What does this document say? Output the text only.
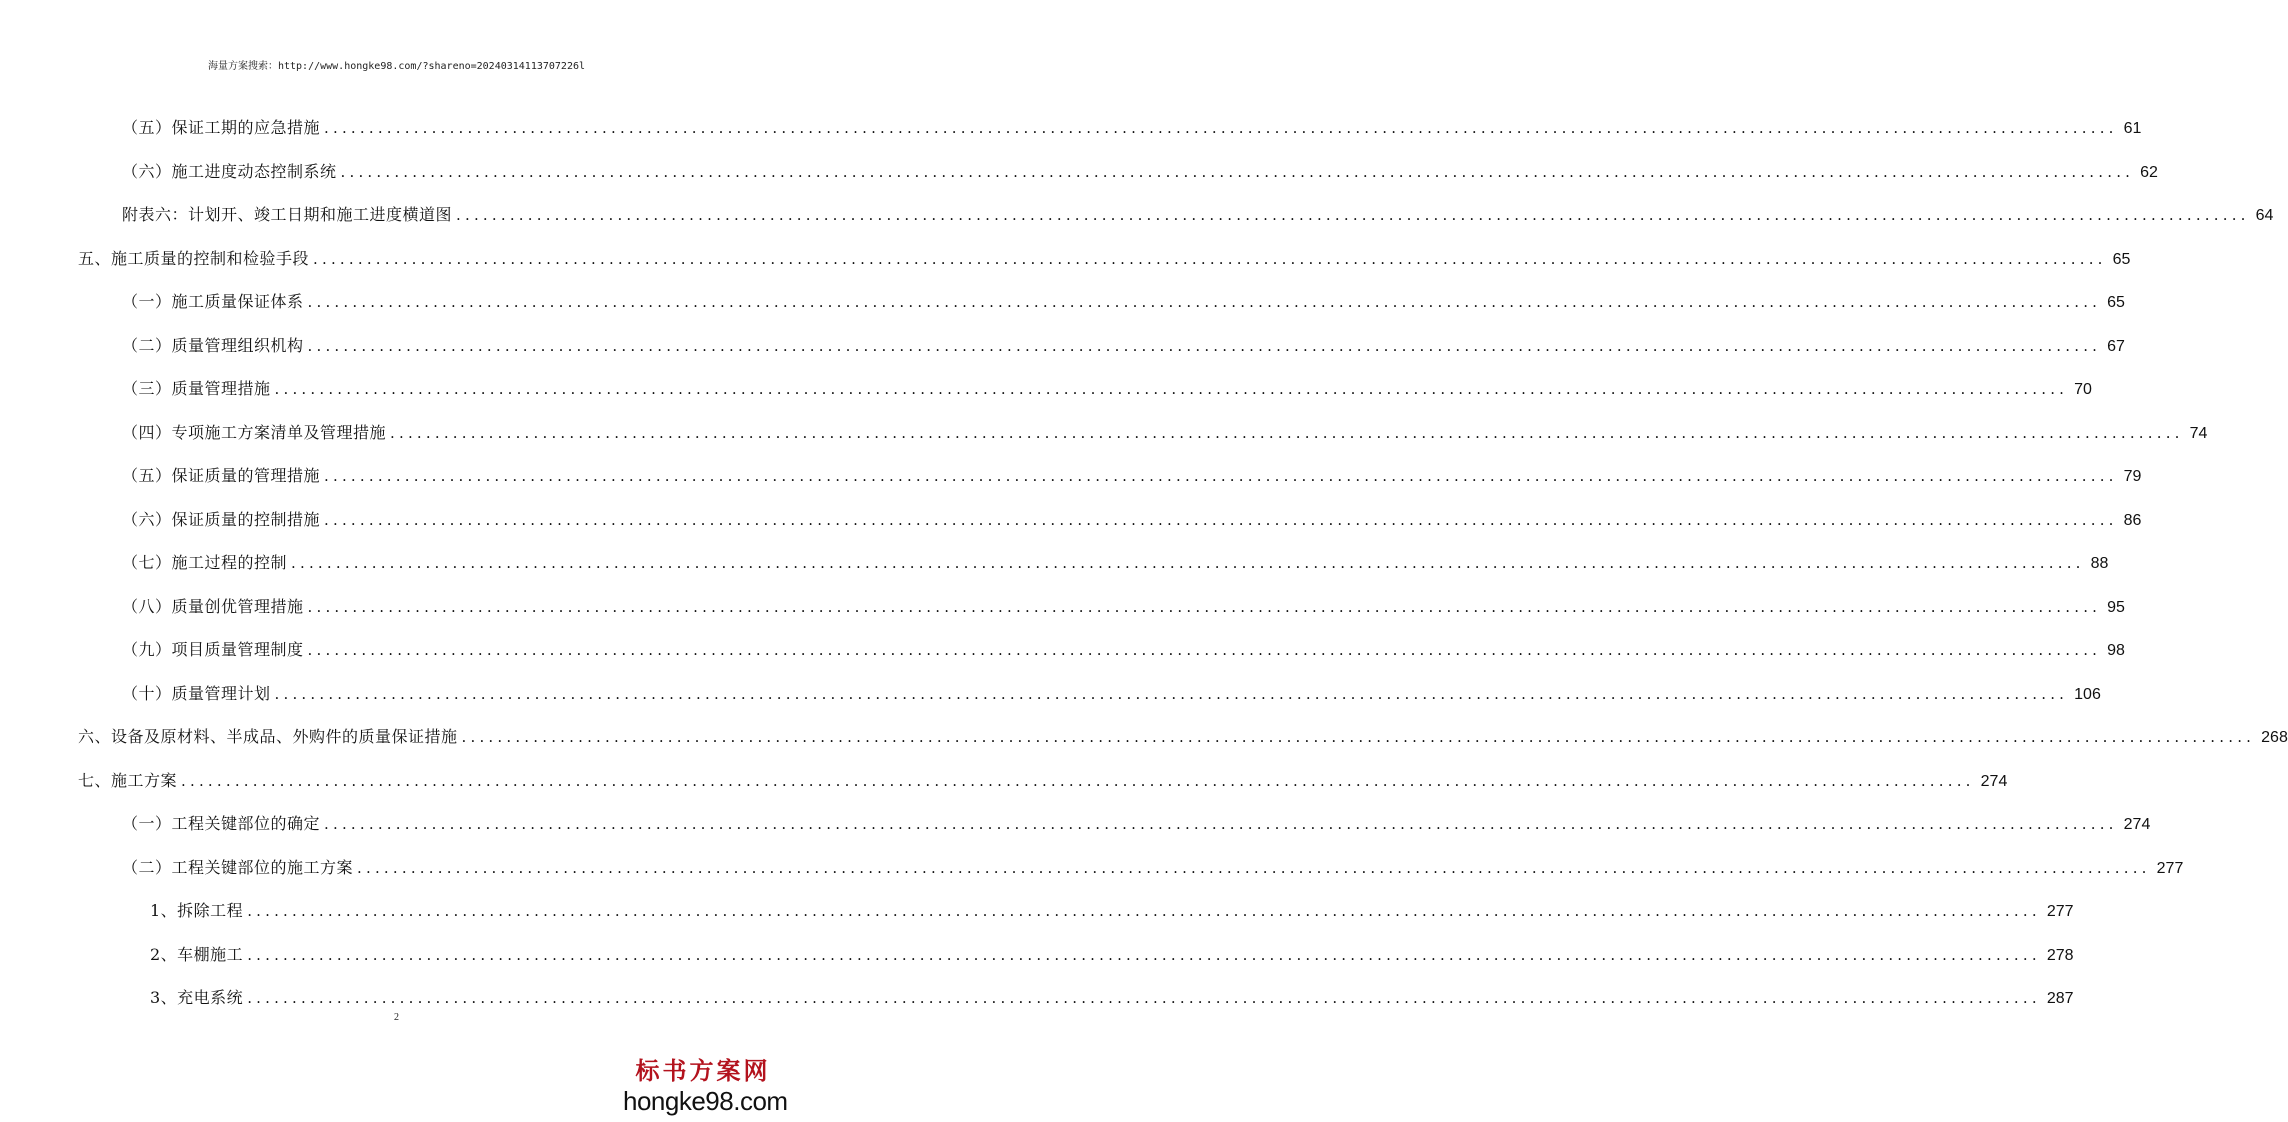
海量方案搜索：http://www.hongke98.com/?shareno=20240314113707226l
（五）保证工期的应急措施 ........................................................................................................................................................................................................ 61
（六）施工进度动态控制系统 ........................................................................................................................................................................................................ 62
附表六：计划开、竣工日期和施工进度横道图 ........................................................................................................................................................................................................ 64
五、施工质量的控制和检验手段 ........................................................................................................................................................................................................ 65
（一）施工质量保证体系 ........................................................................................................................................................................................................ 65
（二）质量管理组织机构 ........................................................................................................................................................................................................ 67
（三）质量管理措施 ........................................................................................................................................................................................................ 70
（四）专项施工方案清单及管理措施 ........................................................................................................................................................................................................ 74
（五）保证质量的管理措施 ........................................................................................................................................................................................................ 79
（六）保证质量的控制措施 ........................................................................................................................................................................................................ 86
（七）施工过程的控制 ........................................................................................................................................................................................................ 88
（八）质量创优管理措施 ........................................................................................................................................................................................................ 95
（九）项目质量管理制度 ........................................................................................................................................................................................................ 98
（十）质量管理计划 ........................................................................................................................................................................................................ 106
六、设备及原材料、半成品、外购件的质量保证措施 ........................................................................................................................................................................................................ 268
七、施工方案 ........................................................................................................................................................................................................ 274
（一）工程关键部位的确定 ........................................................................................................................................................................................................ 274
（二）工程关键部位的施工方案 ........................................................................................................................................................................................................ 277
1、拆除工程 ........................................................................................................................................................................................................ 277
2、车棚施工 ........................................................................................................................................................................................................ 278
3、充电系统 ........................................................................................................................................................................................................ 287
2
标书方案网
hongke98.com
